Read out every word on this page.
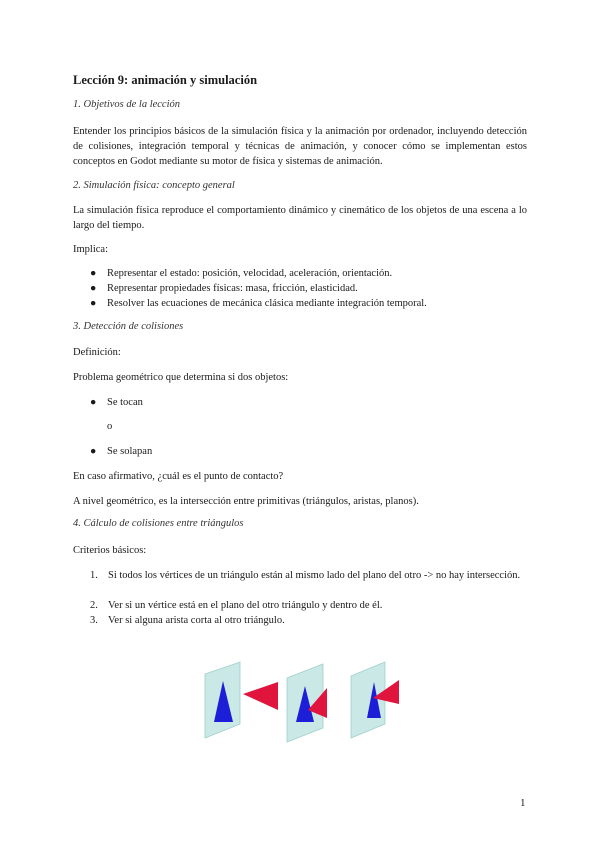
Lección 9: animación y simulación

1. Objetivos de la lección

Entender los principios básicos de la simulación física y la animación por ordenador, incluyendo detección de colisiones, integración temporal y técnicas de animación, y conocer cómo se implementan estos conceptos en Godot mediante su motor de física y sistemas de animación.

2. Simulación física: concepto general

La simulación física reproduce el comportamiento dinámico y cinemático de los objetos de una escena a lo largo del tiempo.

Implica:

● Representar el estado: posición, velocidad, aceleración, orientación.
● Representar propiedades físicas: masa, fricción, elasticidad.
● Resolver las ecuaciones de mecánica clásica mediante integración temporal.

3. Detección de colisiones

Definición:

Problema geométrico que determina si dos objetos:

● Se tocan

o

● Se solapan

En caso afirmativo, ¿cuál es el punto de contacto?

A nivel geométrico, es la intersección entre primitivas (triángulos, aristas, planos).

4. Cálculo de colisiones entre triángulos

Criterios básicos:

1. Si todos los vértices de un triángulo están al mismo lado del plano del otro -> no hay intersección.
2. Ver si un vértice está en el plano del otro triángulo y dentro de él.
3. Ver si alguna arista corta al otro triángulo.

1
